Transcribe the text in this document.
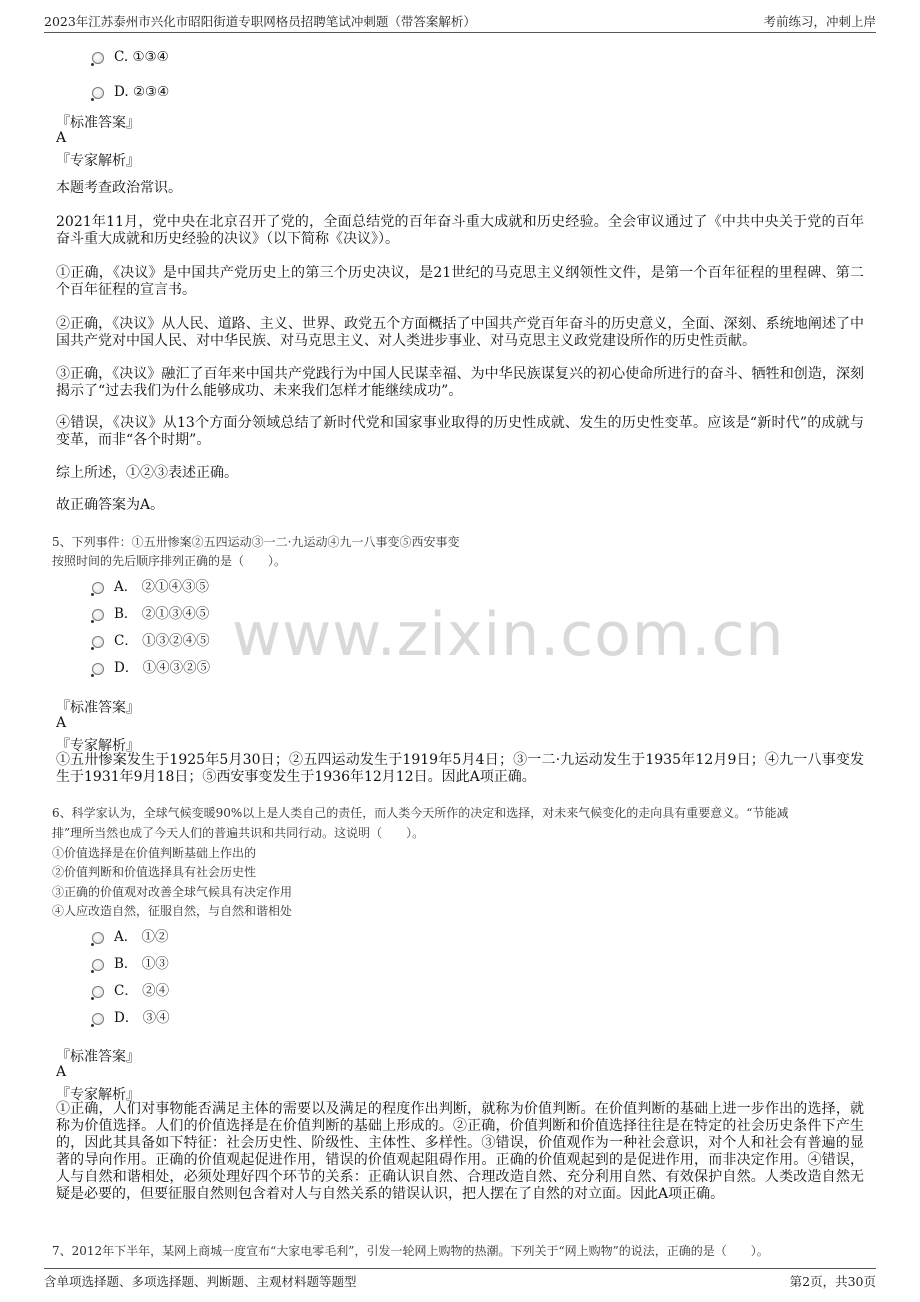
2023年江苏泰州市兴化市昭阳街道专职网格员招聘笔试冲刺题（带答案解析）	考前练习，冲刺上岸
www.zixin.com.cn
C. ①③④
D. ②③④
『标准答案』
A
『专家解析』
本题考查政治常识。
2021年11月，党中央在北京召开了党的，全面总结党的百年奋斗重大成就和历史经验。全会审议通过了《中共中央关于党的百年奋斗重大成就和历史经验的决议》（以下简称《决议》）。
①正确，《决议》是中国共产党历史上的第三个历史决议，是21世纪的马克思主义纲领性文件，是第一个百年征程的里程碑、第二个百年征程的宣言书。
②正确，《决议》从人民、道路、主义、世界、政党五个方面概括了中国共产党百年奋斗的历史意义，全面、深刻、系统地阐述了中国共产党对中国人民、对中华民族、对马克思主义、对人类进步事业、对马克思主义政党建设所作的历史性贡献。
③正确，《决议》融汇了百年来中国共产党践行为中国人民谋幸福、为中华民族谋复兴的初心使命所进行的奋斗、牺牲和创造，深刻揭示了“过去我们为什么能够成功、未来我们怎样才能继续成功”。
④错误，《决议》从13个方面分领域总结了新时代党和国家事业取得的历史性成就、发生的历史性变革。应该是“新时代”的成就与变革，而非“各个时期”。
综上所述，①②③表述正确。
故正确答案为A。
5、下列事件：①五卅惨案②五四运动③一二·九运动④九一八事变⑤西安事变
按照时间的先后顺序排列正确的是（　　）。
A． ②①④③⑤
B． ②①③④⑤
C． ①③②④⑤
D． ①④③②⑤
『标准答案』
A
『专家解析』
①五卅惨案发生于1925年5月30日；②五四运动发生于1919年5月4日；③一二·九运动发生于1935年12月9日；④九一八事变发生于1931年9月18日；⑤西安事变发生于1936年12月12日。因此A项正确。
6、科学家认为，全球气候变暖90%以上是人类自己的责任，而人类今天所作的决定和选择，对未来气候变化的走向具有重要意义。“节能减
排”理所当然也成了今天人们的普遍共识和共同行动。这说明（　　）。
①价值选择是在价值判断基础上作出的
②价值判断和价值选择具有社会历史性
③正确的价值观对改善全球气候具有决定作用
④人应改造自然，征服自然，与自然和谐相处
A． ①②
B． ①③
C． ②④
D． ③④
『标准答案』
A
『专家解析』
①正确，人们对事物能否满足主体的需要以及满足的程度作出判断，就称为价值判断。在价值判断的基础上进一步作出的选择，就称为价值选择。人们的价值选择是在价值判断的基础上形成的。②正确，价值判断和价值选择往往是在特定的社会历史条件下产生的，因此其具备如下特征：社会历史性、阶级性、主体性、多样性。③错误，价值观作为一种社会意识，对个人和社会有普遍的显著的导向作用。正确的价值观起促进作用，错误的价值观起阻碍作用。正确的价值观起到的是促进作用，而非决定作用。④错误，人与自然和谐相处，必须处理好四个环节的关系：正确认识自然、合理改造自然、充分利用自然、有效保护自然。人类改造自然无疑是必要的，但要征服自然则包含着对人与自然关系的错误认识，把人摆在了自然的对立面。因此A项正确。
7、2012年下半年，某网上商城一度宣布“大家电零毛利”，引发一轮网上购物的热潮。下列关于“网上购物”的说法，正确的是（　　）。
含单项选择题、多项选择题、判断题、主观材料题等题型	第2页，共30页
